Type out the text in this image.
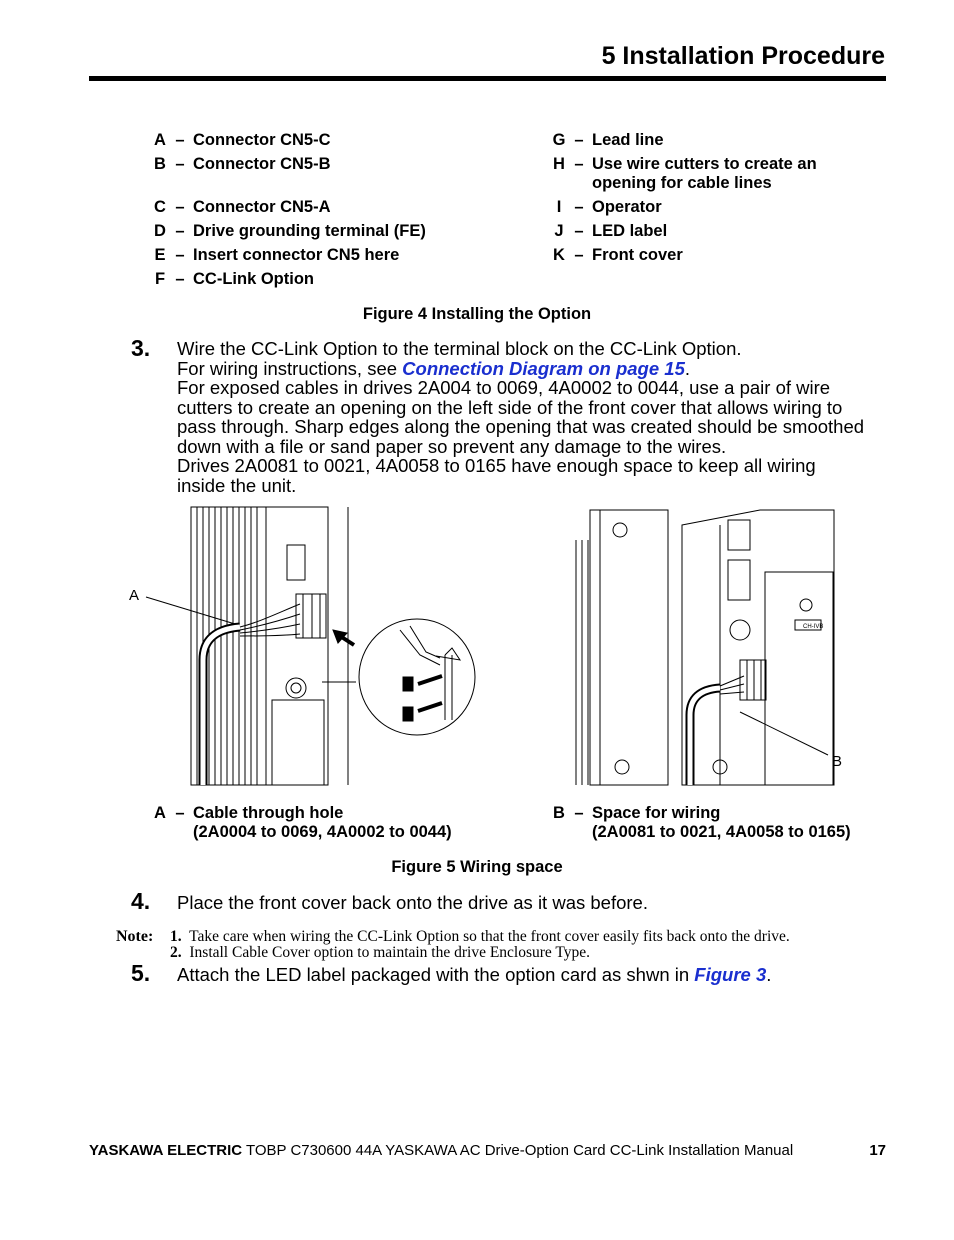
5 Installation Procedure
A – Connector CN5-C
B – Connector CN5-B
C – Connector CN5-A
D – Drive grounding terminal (FE)
E – Insert connector CN5 here
F – CC-Link Option
G – Lead line
H – Use wire cutters to create an
opening for cable lines
I – Operator
J –LED label
K – Front cover
Figure 4 Installing the Option
3. Wire the CC-Link Option to the terminal block on the CC-Link Option.
For wiring instructions, see Connection Diagram on page 15.
For exposed cables in drives 2A004 to 0069, 4A0002 to 0044, use a pair of wire
cutters to create an opening on the left side of the front cover that allows wiring to
pass through. Sharp edges along the opening that was created should be smoothed
down with a file or sand paper so prevent any damage to the wires.
Drives 2A0081 to 0021, 4A0058 to 0165 have enough space to keep all wiring
inside the unit.
A
CH-IVB
B
A – Cable through hole
(2A0004 to 0069, 4A0002 to 0044)
B – Space for wiring
(2A0081 to 0021, 4A0058 to 0165)
Figure 5 Wiring space
4. Place the front cover back onto the drive as it was before.
Note: 1. Take care when wiring the CC-Link Option so that the front cover easily fits back onto the drive.
2. Install Cable Cover option to maintain the drive Enclosure Type.
5. Attach the LED label packaged with the option card as shwn in Figure 3.
YASKAWA ELECTRIC TOBP C730600 44A YASKAWA AC Drive-Option Card CC-Link Installation Manual	17
